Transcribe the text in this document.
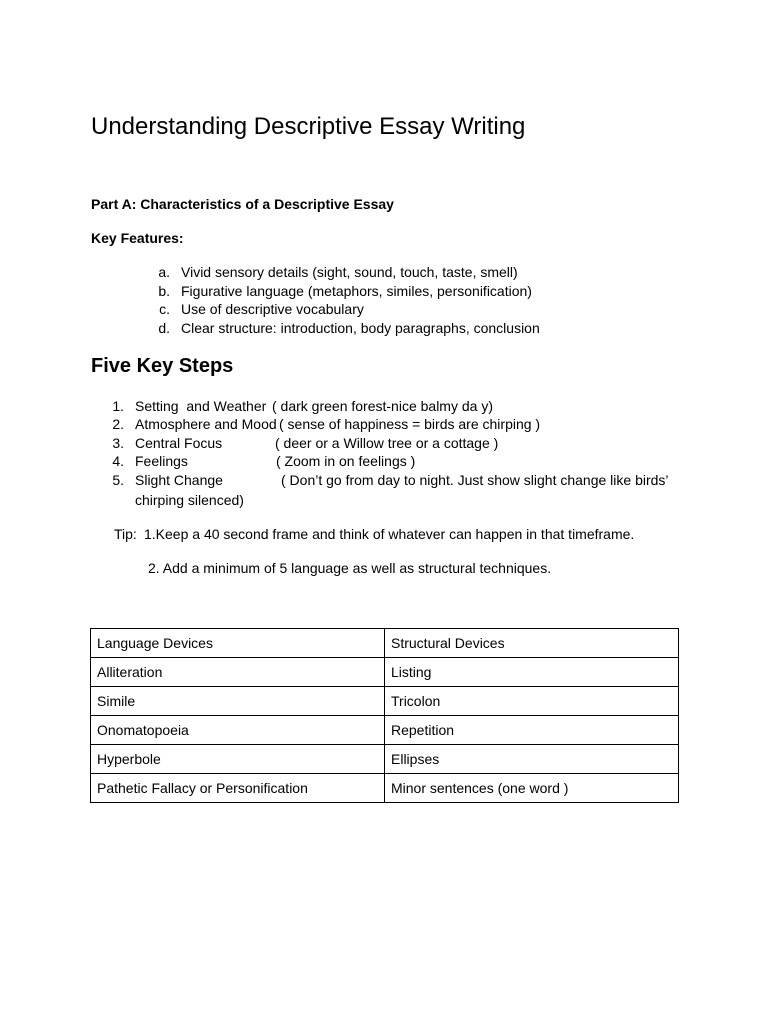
Understanding Descriptive Essay Writing
Part A: Characteristics of a Descriptive Essay
Key Features:
a. Vivid sensory details (sight, sound, touch, taste, smell)
b. Figurative language (metaphors, similes, personification)
c. Use of descriptive vocabulary
d. Clear structure: introduction, body paragraphs, conclusion
Five Key Steps
1. Setting  and Weather ( dark green forest-nice balmy da y)
2. Atmosphere and Mood ( sense of happiness = birds are chirping )
3. Central Focus	( deer or a Willow tree or a cottage )
4. Feelings	( Zoom in on feelings )
5. Slight Change	( Don’t go from day to night. Just show slight change like birds’
chirping silenced)
Tip: 1.Keep a 40 second frame and think of whatever can happen in that timeframe.
2. Add a minimum of 5 language as well as structural techniques.
Language Devices	Structural Devices
Alliteration	Listing
Simile	Tricolon
Onomatopoeia	Repetition
Hyperbole	Ellipses
Pathetic Fallacy or Personification	Minor sentences (one word )
